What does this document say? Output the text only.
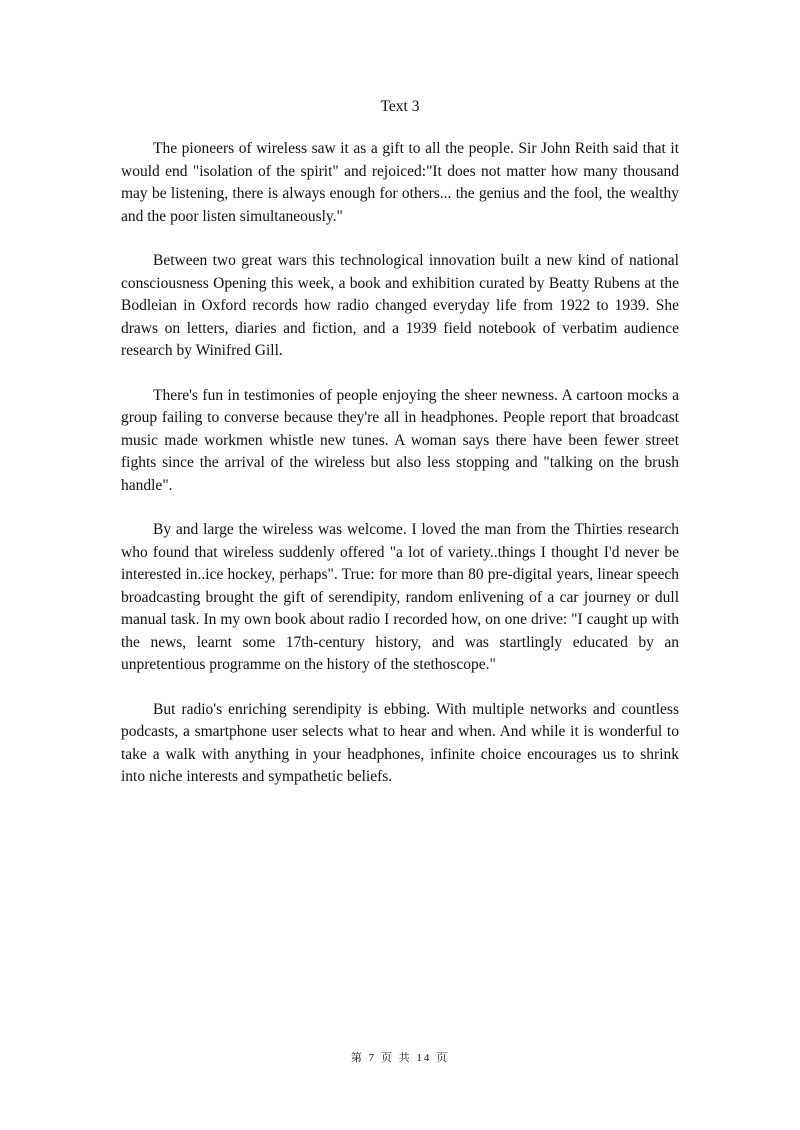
Text 3

The pioneers of wireless saw it as a gift to all the people. Sir John Reith said that it would end "isolation of the spirit" and rejoiced:"It does not matter how many thousand may be listening, there is always enough for others... the genius and the fool, the wealthy and the poor listen simultaneously."

Between two great wars this technological innovation built a new kind of national consciousness Opening this week, a book and exhibition curated by Beatty Rubens at the Bodleian in Oxford records how radio changed everyday life from 1922 to 1939. She draws on letters, diaries and fiction, and a 1939 field notebook of verbatim audience research by Winifred Gill.

There's fun in testimonies of people enjoying the sheer newness. A cartoon mocks a group failing to converse because they're all in headphones. People report that broadcast music made workmen whistle new tunes. A woman says there have been fewer street fights since the arrival of the wireless but also less stopping and "talking on the brush handle".

By and large the wireless was welcome. I loved the man from the Thirties research who found that wireless suddenly offered "a lot of variety..things I thought I'd never be interested in..ice hockey, perhaps". True: for more than 80 pre-digital years, linear speech broadcasting brought the gift of serendipity, random enlivening of a car journey or dull manual task. In my own book about radio I recorded how, on one drive: "I caught up with the news, learnt some 17th-century history, and was startlingly educated by an unpretentious programme on the history of the stethoscope."

But radio's enriching serendipity is ebbing. With multiple networks and countless podcasts, a smartphone user selects what to hear and when. And while it is wonderful to take a walk with anything in your headphones, infinite choice encourages us to shrink into niche interests and sympathetic beliefs.

第 7 页 共 14 页
